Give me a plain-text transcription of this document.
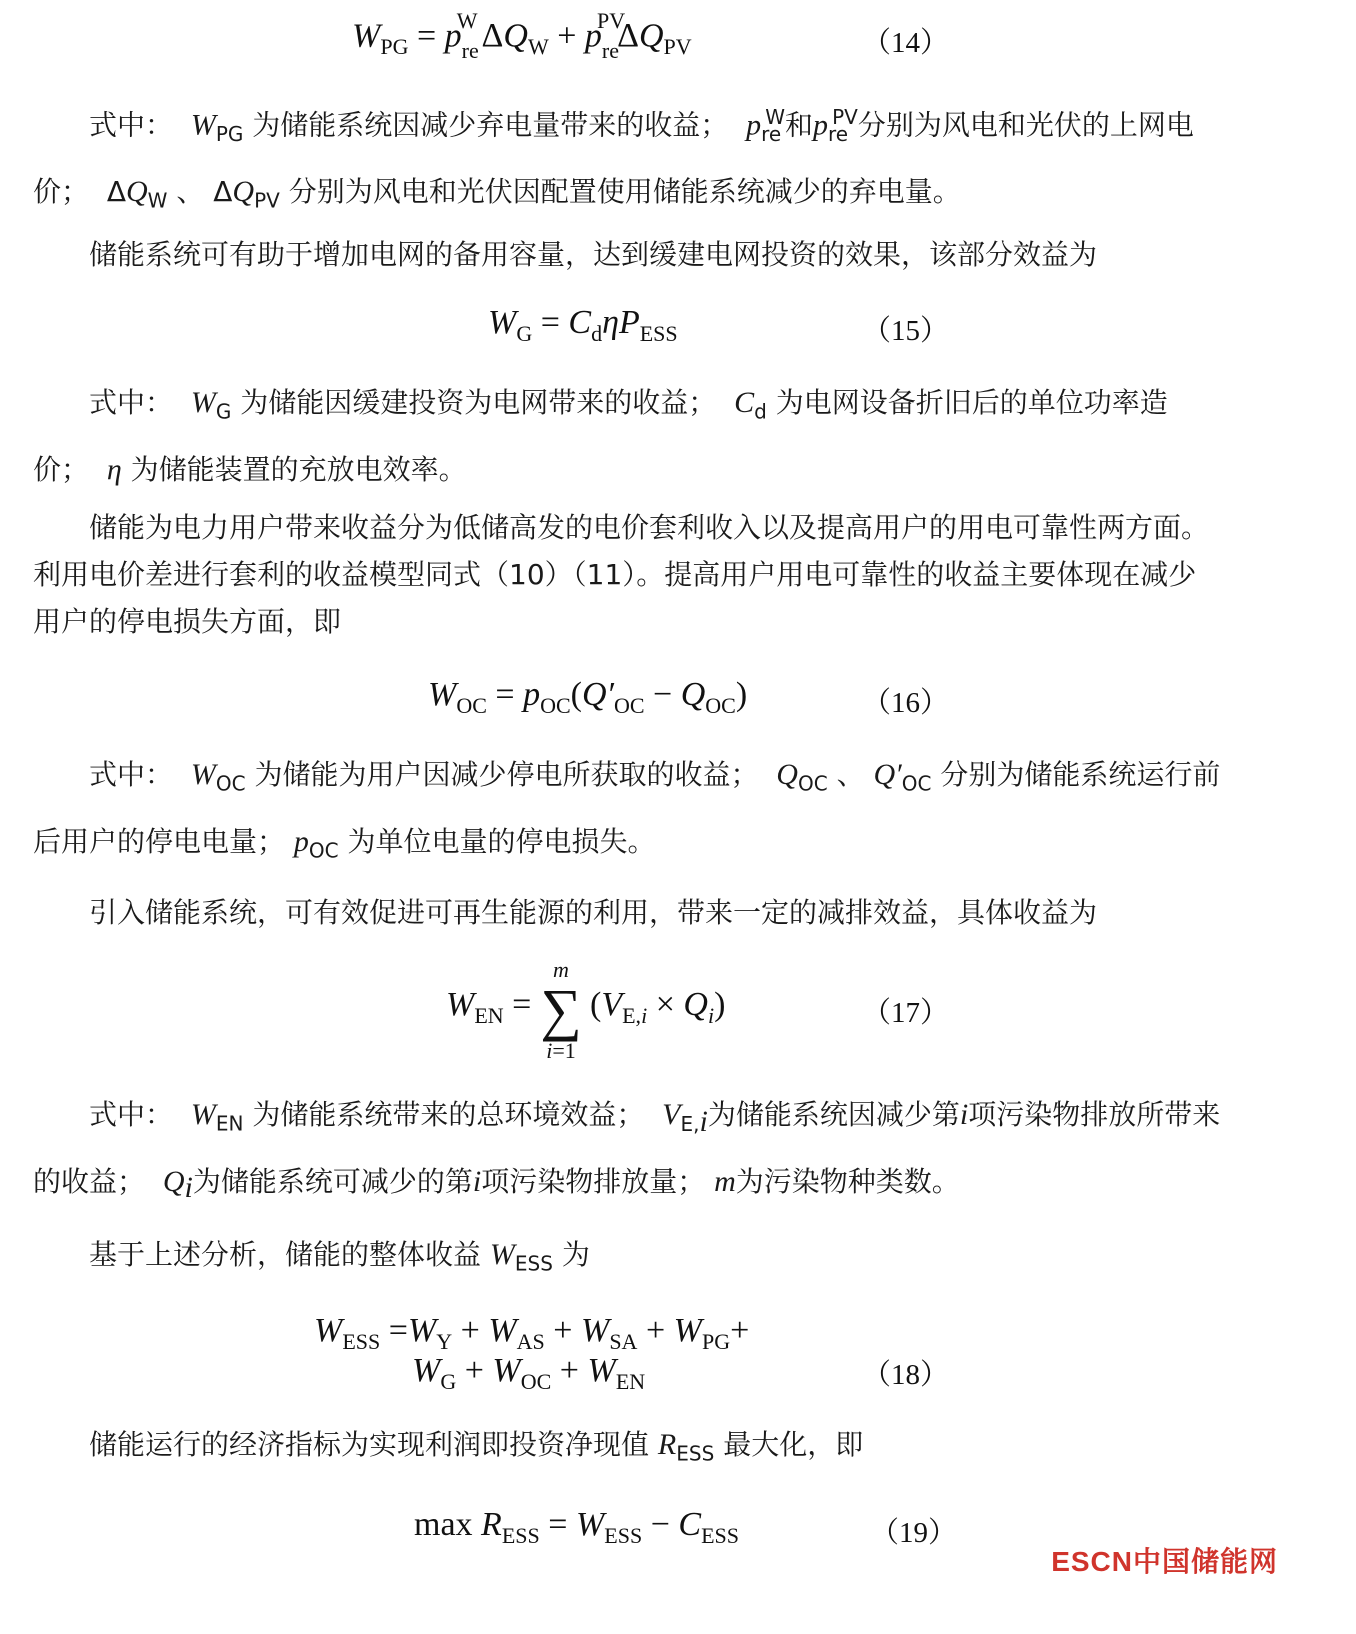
$W_{PG} = p_{re}^W$ $\Delta Q_W + p_{re}^{PV}\Delta Q_{PV}$	（14）
式中： $W_{PG}$ 为储能系统因减少弃电量带来的收益； $p_{re}^W$和$p_{re}^{PV}$分别为风电和光伏的上网电价；  $\Delta Q_W$ 、 $\Delta Q_{PV}$ 分别为风电和光伏因配置使用储能系统减少的弃电量。
储能系统可有助于增加电网的备用容量，达到缓建电网投资的效果，该部分效益为
$W_G = C_d\eta P_{ESS}$	（15）
式中： $W_G$ 为储能因缓建投资为电网带来的收益； $C_d$ 为电网设备折旧后的单位功率造价； η 为储能装置的充放电效率。
储能为电力用户带来收益分为低储高发的电价套利收入以及提高用户的用电可靠性两方面。利用电价差进行套利的收益模型同式（10）（11）。提高用户用电可靠性的收益主要体现在减少用户的停电损失方面，即
$W_{OC} = p_{OC}(Q'_{OC} - Q_{OC})$	（16）
式中： $W_{OC}$ 为储能为用户因减少停电所获取的收益； $Q_{OC}$ 、 $Q'_{OC}$ 分别为储能系统运行前后用户的停电电量； $p_{OC}$ 为单位电量的停电损失。
引入储能系统，可有效促进可再生能源的利用，带来一定的减排效益，具体收益为
$W_{EN}$ =
m
∑
i=1
$(V_{E,i} \times Q_i)$	（17）
式中： $W_{EN}$ 为储能系统带来的总环境效益； $V_{E,i}$为储能系统因减少第i项污染物排放所带来的收益； $Q_i$为储能系统可减少的第i项污染物排放量； m为污染物种类数。
基于上述分析，储能的整体收益 $W_{ESS}$ 为
$W_{ESS} =W_Y + W_{AS} + W_{SA} + W_{PG}+$
$W_G + W_{OC} + W_{EN}$	（18）
储能运行的经济指标为实现利润即投资净现值 $R_{ESS}$ 最大化，即
$\max R_{ESS} = W_{ESS} - C_{ESS}$	（19）
ESCN中国储能网
